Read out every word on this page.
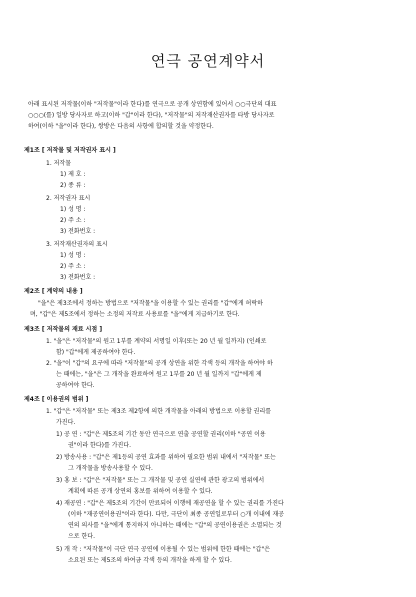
연극 공연계약서
아래 표시된 저작물(이하 "저작물"이라 한다)를 연극으로 공개 상연함에 있어서 ○○극단의 대표
○○○(를) 일방 당사자로 하고(이하 "갑"이라 한다), "저작물"의 저작재산권자를 타방 당사자로
하여(이하 "을"이라 한다), 쌍방은 다음의 사항에 합의할 것을 약정한다.
제1조 [ 저작물 및 저작권자 표시 ]
1. 저작물
1) 제 호 :
2) 종 류 :
2. 저작권자 표시
1) 성 명 :
2) 주 소 :
3) 전화번호 :
3. 저작재산권자의 표시
1) 성 명 :
2) 주 소 :
3) 전화번호 :
제2조 [ 계약의 내용 ]
"을"은 제3조에서 정하는 방법으로 "저작물"을 이용할 수 있는 권리를 "갑"에게 허락하
며, "갑"은 제5조에서 정하는 소정의 저작료 사용료를 "을"에게 지급하기로 한다.
제3조 [ 저작물의 재료 시점 ]
1. "을"은 "저작물"의 원고 1부를 계약의 서명일 이후(또는 20 년 월 일까지) (인쇄로
함) "갑"에게 제공하여야 한다.
2. "을"이 "갑"의 요구에 따라 "저작물"의 공개 상연을 위한 각색 등의 개작을 하여야 하
는 때에는, "을"은 그 개작을 완료하여 원고 1부를 20 년 월 일까지 "갑"에게 제
공하여야 한다.
제4조 [ 이용권의 범위 ]
1. "갑"은 "저작물" 또는 제3조 제2항에 의한 개작물을 아래의 방법으로 이용할 권리를
가진다.
1) 공 연 : "갑"은 제5조의 기간 동안 연극으로 연출 공연할 권리(이하 "공연 이용
권"이라 한다)를 가진다.
2) 방송사용 : "갑"은 제1등의 공연 효과를 위하여 필요한 범위 내에서 "저작물" 또는
그 개작물을 방송사용할 수 있다.
3) 홍 보 : "갑"은 "저작물" 또는 그 개작물 및 공연 실연에 관한 광고의 범위에서
계획에 따른 공개 상연의 홍보를 위하여 이용할 수 있다.
4) 재공연 : "갑"은 제5조의 기간이 만료되어 이행에 재공연을 할 수 있는 권리를 가진다
(이하 "재공연이용권"이라 한다). 다만, 극단이 최종 공연일로부터 ○개 이내에 재공
연의 의사를 "을"에게 통지하지 아니하는 때에는 "갑"의 공연이용권은 소멸되는 것
으로 한다.
5) 개 작 : "저작물"이 극단 연극 공연에 이용될 수 있는 범위에 한한 때에는 "갑"은
소요된 또는 제5조의 하여금 각색 등의 개작을 하게 할 수 있다.
